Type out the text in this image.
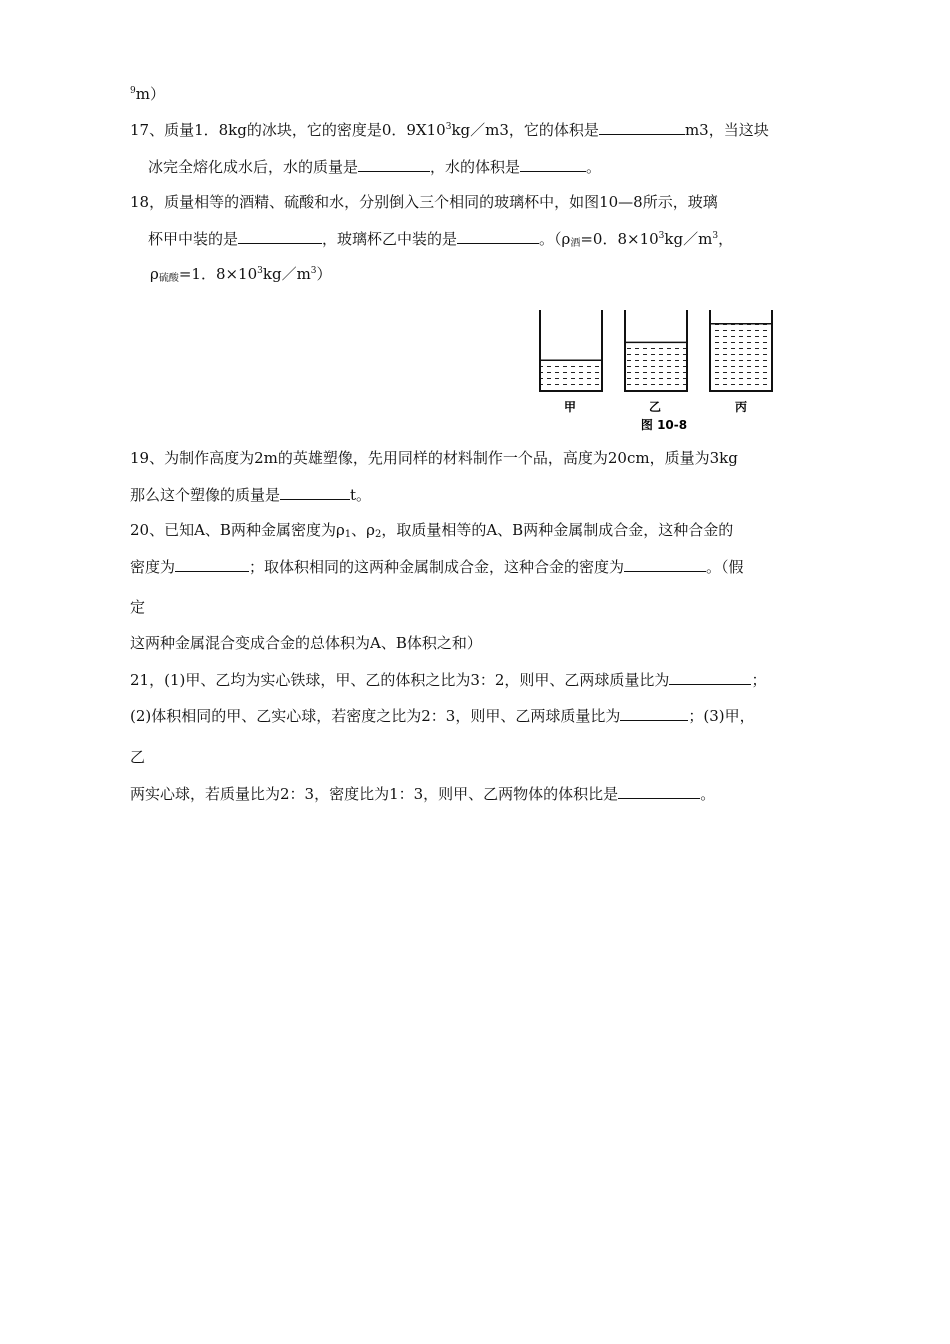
$^9$m）
17、质量1．8kg的冰块，它的密度是0．$9X10^3kg/m3$，它的体积是	m3，当这块
冰完全熔化成水后，水的质量是	，水的体积是	。
18，质量相等的酒精、硫酸和水，分别倒入三个相同的玻璃杯中，如图10—8所示，玻璃
杯甲中装的是	，玻璃杯乙中装的是	。（$\rho_酒=0$．$8\times 10^3kg/m^3$，
$\rho_{硫酸}=1$．$8\times 10^3kg/m^3$）
甲	乙	丙
图 10-8
19、为制作高度为2m的英雄塑像，先用同样的材料制作一个品，高度为20cm，质量为3kg
那么这个塑像的质量是	t。
20、已知A、B两种金属密度为$\rho_1$、$\rho_2$，取质量相等的A、B两种金属制成合金，这种合金的
密度为	；取体积相同的这两种金属制成合金，这种合金的密度为	。（假
定
这两种金属混合变成合金的总体积为A、B体积之和）
21，(1)甲、乙均为实心铁球，甲、乙的体积之比为3：2，则甲、乙两球质量比为	；
(2)体积相同的甲、乙实心球，若密度之比为2：3，则甲、乙两球质量比为	；(3)甲，
乙
两实心球，若质量比为2：3，密度比为1：3，则甲、乙两物体的体积比是	。
